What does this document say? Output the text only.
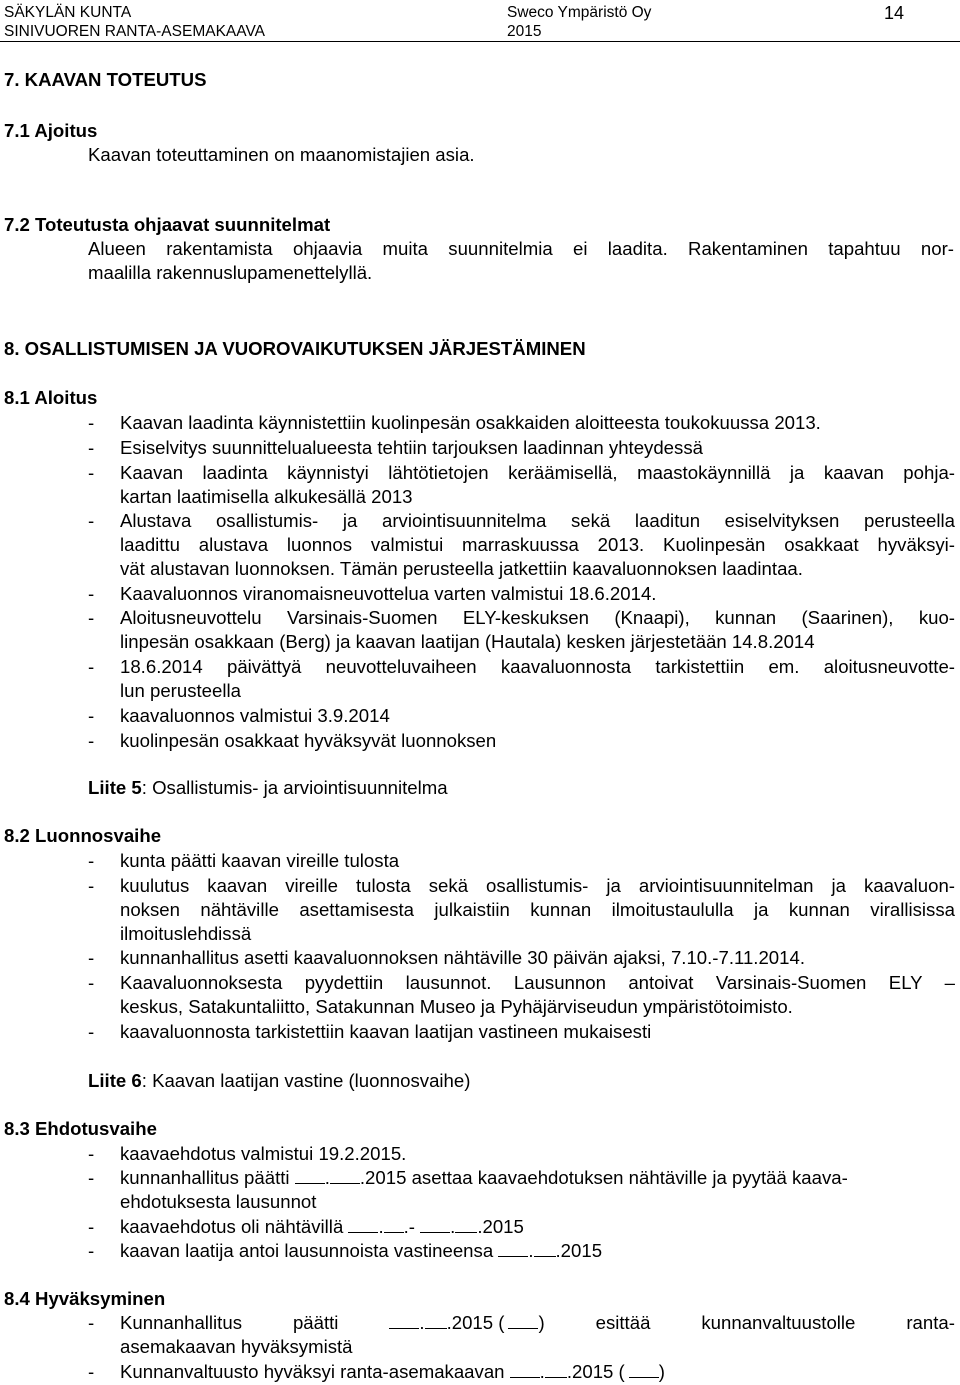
SÄKYLÄN KUNTA
SINIVUOREN RANTA-ASEMAKAAVA
Sweco Ympäristö Oy
2015
14
7. KAAVAN TOTEUTUS
7.1 Ajoitus
Kaavan toteuttaminen on maanomistajien asia.
7.2 Toteutusta ohjaavat suunnitelmat
Alueen rakentamista ohjaavia muita suunnitelmia ei laadita. Rakentaminen tapahtuu nor-
maalilla rakennuslupamenettelyllä.
8. OSALLISTUMISEN JA VUOROVAIKUTUKSEN JÄRJESTÄMINEN
8.1 Aloitus
- Kaavan laadinta käynnistettiin kuolinpesän osakkaiden aloitteesta toukokuussa 2013.
- Esiselvitys suunnittelualueesta tehtiin tarjouksen laadinnan yhteydessä
- Kaavan laadinta käynnistyi lähtötietojen keräämisellä, maastokäynnillä ja kaavan pohja-
kartan laatimisella alkukesällä 2013
- Alustava osallistumis- ja arviointisuunnitelma sekä laaditun esiselvityksen perusteella
laadittu alustava luonnos valmistui marraskuussa 2013. Kuolinpesän osakkaat hyväksyi-
vät alustavan luonnoksen. Tämän perusteella jatkettiin kaavaluonnoksen laadintaa.
- Kaavaluonnos viranomaisneuvottelua varten valmistui 18.6.2014.
- Aloitusneuvottelu Varsinais-Suomen ELY-keskuksen (Knaapi), kunnan (Saarinen), kuo-
linpesän osakkaan (Berg) ja kaavan laatijan (Hautala) kesken järjestetään 14.8.2014
- 18.6.2014 päivättyä neuvotteluvaiheen kaavaluonnosta tarkistettiin em. aloitusneuvotte-
lun perusteella
- kaavaluonnos valmistui 3.9.2014
- kuolinpesän osakkaat hyväksyvät luonnoksen
Liite 5: Osallistumis- ja arviointisuunnitelma
8.2 Luonnosvaihe
- kunta päätti kaavan vireille tulosta
- kuulutus kaavan vireille tulosta sekä osallistumis- ja arviointisuunnitelman ja kaavaluon-
noksen nähtäville asettamisesta julkaistiin kunnan ilmoitustaululla ja kunnan virallisissa
ilmoituslehdissä
- kunnanhallitus asetti kaavaluonnoksen nähtäville 30 päivän ajaksi, 7.10.-7.11.2014.
- Kaavaluonnoksesta pyydettiin lausunnot. Lausunnon antoivat Varsinais-Suomen ELY –
keskus, Satakuntaliitto, Satakunnan Museo ja Pyhäjärviseudun ympäristötoimisto.
- kaavaluonnosta tarkistettiin kaavan laatijan vastineen mukaisesti
Liite 6: Kaavan laatijan vastine (luonnosvaihe)
8.3 Ehdotusvaihe
- kaavaehdotus valmistui 19.2.2015.
- kunnanhallitus päätti . .2015 asettaa kaavaehdotuksen nähtäville ja pyytää kaava-
ehdotuksesta lausunnot
- kaavaehdotus oli nähtävillä . .- . .2015
- kaavan laatija antoi lausunnoista vastineensa . .2015
8.4 Hyväksyminen
- Kunnanhallitus	päätti	. .2015 ( )	esittää	kunnanvaltuustolle	ranta-
asemakaavan hyväksymistä
- Kunnanvaltuusto hyväksyi ranta-asemakaavan . .2015 ( )
